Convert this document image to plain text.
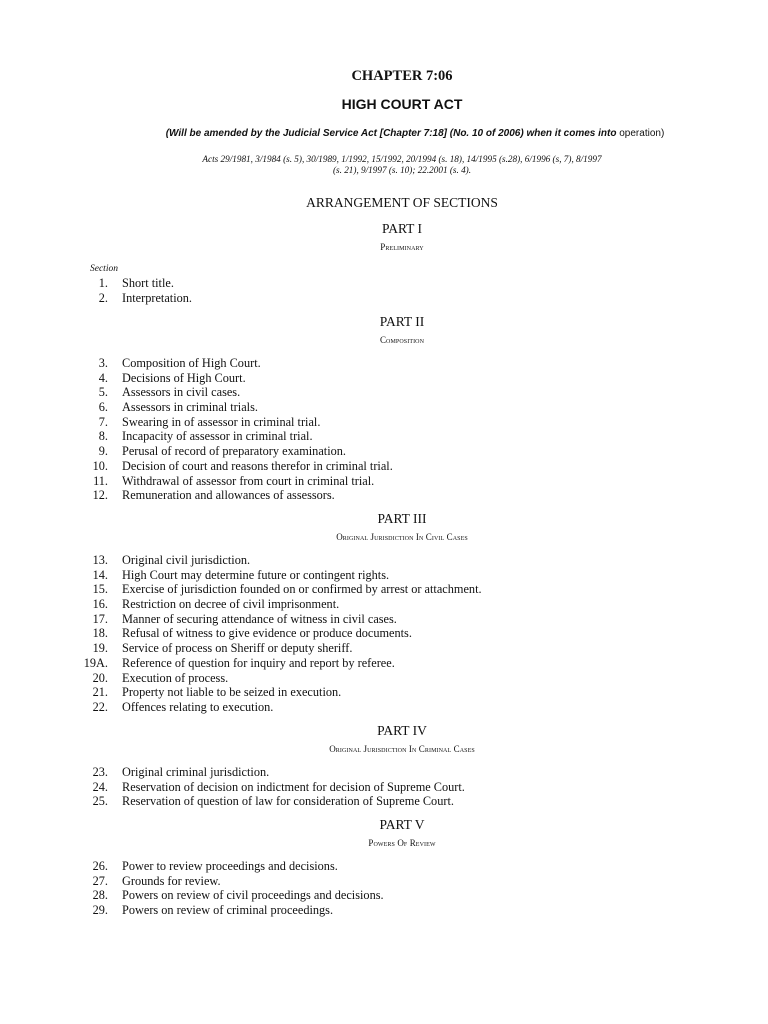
CHAPTER 7:06
HIGH COURT ACT
(Will be amended by the Judicial Service Act [Chapter 7:18] (No. 10 of 2006) when it comes into operation)
Acts 29/1981, 3/1984 (s. 5), 30/1989, 1/1992, 15/1992, 20/1994 (s. 18), 14/1995 (s.28), 6/1996 (s, 7), 8/1997
(s. 21), 9/1997 (s. 10); 22.2001 (s. 4).
ARRANGEMENT OF SECTIONS
PART I
Preliminary
Section
1. Short title.
2. Interpretation.
PART II
Composition
3. Composition of High Court.
4. Decisions of High Court.
5. Assessors in civil cases.
6. Assessors in criminal trials.
7. Swearing in of assessor in criminal trial.
8. Incapacity of assessor in criminal trial.
9. Perusal of record of preparatory examination.
10. Decision of court and reasons therefor in criminal trial.
11. Withdrawal of assessor from court in criminal trial.
12. Remuneration and allowances of assessors.
PART III
Original Jurisdiction In Civil Cases
13. Original civil jurisdiction.
14. High Court may determine future or contingent rights.
15. Exercise of jurisdiction founded on or confirmed by arrest or attachment.
16. Restriction on decree of civil imprisonment.
17. Manner of securing attendance of witness in civil cases.
18. Refusal of witness to give evidence or produce documents.
19. Service of process on Sheriff or deputy sheriff.
19A. Reference of question for inquiry and report by referee.
20. Execution of process.
21. Property not liable to be seized in execution.
22. Offences relating to execution.
PART IV
Original Jurisdiction In Criminal Cases
23. Original criminal jurisdiction.
24. Reservation of decision on indictment for decision of Supreme Court.
25. Reservation of question of law for consideration of Supreme Court.
PART V
Powers Of Review
26. Power to review proceedings and decisions.
27. Grounds for review.
28. Powers on review of civil proceedings and decisions.
29. Powers on review of criminal proceedings.
